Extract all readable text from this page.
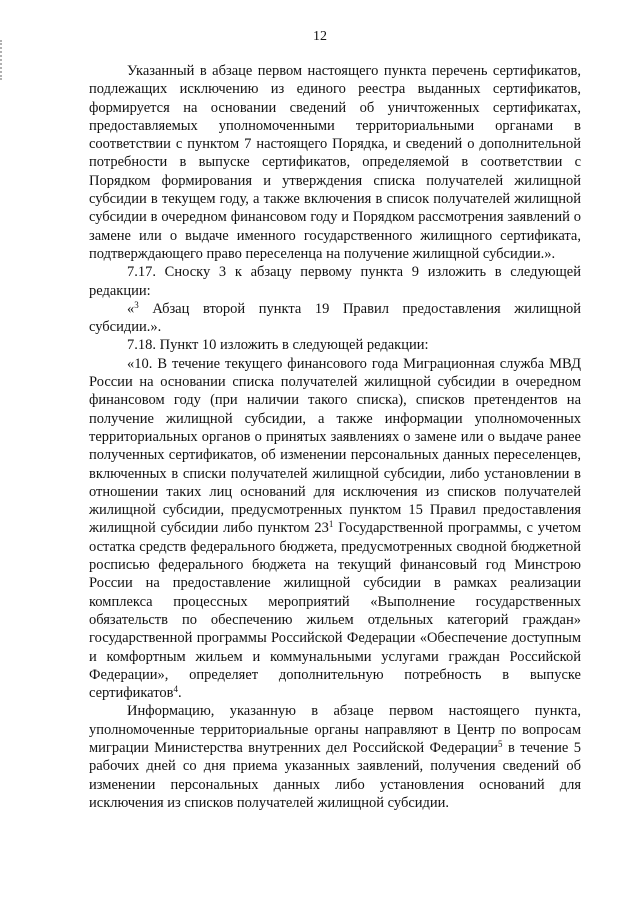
12

Указанный в абзаце первом настоящего пункта перечень сертификатов, подлежащих исключению из единого реестра выданных сертификатов, формируется на основании сведений об уничтоженных сертификатах, предоставляемых уполномоченными территориальными органами в соответствии с пунктом 7 настоящего Порядка, и сведений о дополнительной потребности в выпуске сертификатов, определяемой в соответствии с Порядком формирования и утверждения списка получателей жилищной субсидии в текущем году, а также включения в список получателей жилищной субсидии в очередном финансовом году и Порядком рассмотрения заявлений о замене или о выдаче именного государственного жилищного сертификата, подтверждающего право переселенца на получение жилищной субсидии.».

7.17. Сноску 3 к абзацу первому пункта 9 изложить в следующей редакции:

«$^3$ Абзац второй пункта 19 Правил предоставления жилищной субсидии.».

7.18. Пункт 10 изложить в следующей редакции:

«10. В течение текущего финансового года Миграционная служба МВД России на основании списка получателей жилищной субсидии в очередном финансовом году (при наличии такого списка), списков претендентов на получение жилищной субсидии, а также информации уполномоченных территориальных органов о принятых заявлениях о замене или о выдаче ранее полученных сертификатов, об изменении персональных данных переселенцев, включенных в списки получателей жилищной субсидии, либо установлении в отношении таких лиц оснований для исключения из списков получателей жилищной субсидии, предусмотренных пунктом 15 Правил предоставления жилищной субсидии либо пунктом $23^1$ Государственной программы, с учетом остатка средств федерального бюджета, предусмотренных сводной бюджетной росписью федерального бюджета на текущий финансовый год Минстрою России на предоставление жилищной субсидии в рамках реализации комплекса процессных мероприятий «Выполнение государственных обязательств по обеспечению жильем отдельных категорий граждан» государственной программы Российской Федерации «Обеспечение доступным и комфортным жильем и коммунальными услугами граждан Российской Федерации», определяет дополнительную потребность в выпуске сертификатов$^4$.

Информацию, указанную в абзаце первом настоящего пункта, уполномоченные территориальные органы направляют в Центр по вопросам миграции Министерства внутренних дел Российской Федерации$^5$ в течение 5 рабочих дней со дня приема указанных заявлений, получения сведений об изменении персональных данных либо установления оснований для исключения из списков получателей жилищной субсидии.
